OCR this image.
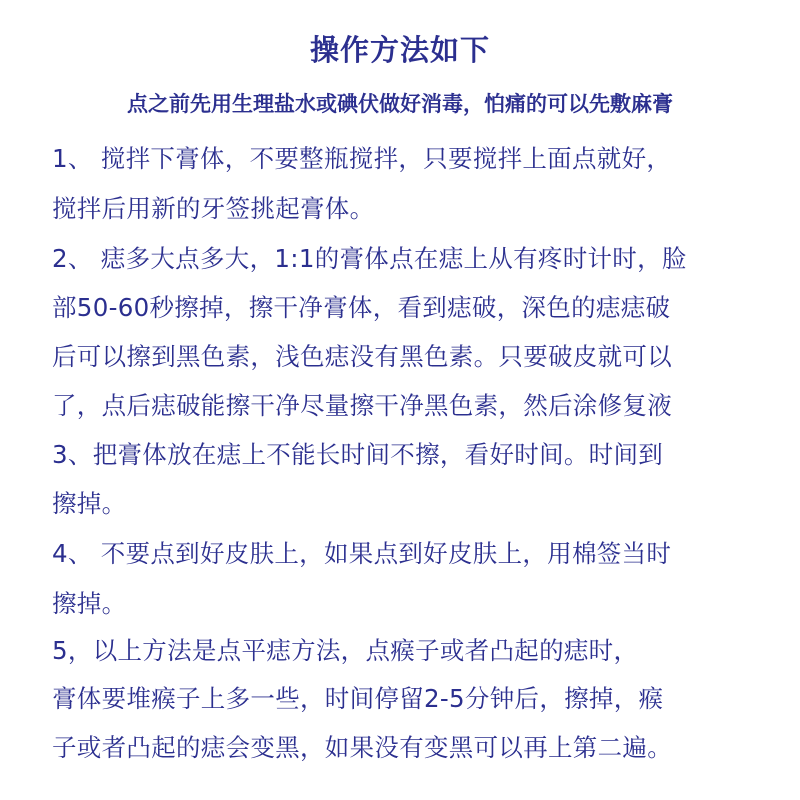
操作方法如下
点之前先用生理盐水或碘伏做好消毒，怕痛的可以先敷麻膏
1、 搅拌下膏体，不要整瓶搅拌，只要搅拌上面点就好，
搅拌后用新的牙签挑起膏体。
2、 痣多大点多大，1:1的膏体点在痣上从有疼时计时，脸
部50-60秒擦掉，擦干净膏体，看到痣破，深色的痣痣破
后可以擦到黑色素，浅色痣没有黑色素。只要破皮就可以
了，点后痣破能擦干净尽量擦干净黑色素，然后涂修复液
3、把膏体放在痣上不能长时间不擦，看好时间。时间到
擦掉。
4、 不要点到好皮肤上，如果点到好皮肤上，用棉签当时
擦掉。
5，以上方法是点平痣方法，点瘊子或者凸起的痣时，
膏体要堆瘊子上多一些，时间停留2-5分钟后，擦掉，瘊
子或者凸起的痣会变黑，如果没有变黑可以再上第二遍。
